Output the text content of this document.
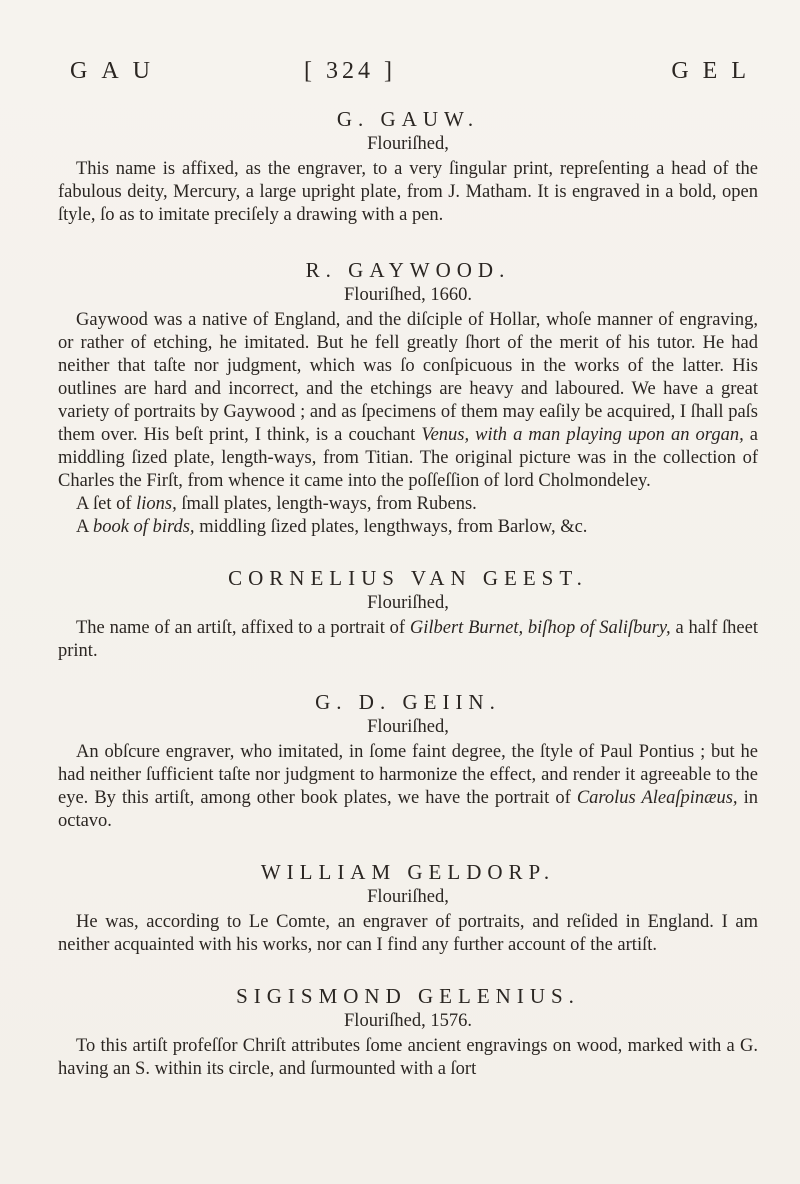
GAU	[ 324 ]	GEL

G. GAUW.

Flouriſhed,

This name is affixed, as the engraver, to a very ſingular print, repreſenting a head of the fabulous deity, Mercury, a large upright plate, from J. Matham. It is engraved in a bold, open ſtyle, ſo as to imitate preciſely a drawing with a pen.

R. GAYWOOD.

Flouriſhed, 1660.

Gaywood was a native of England, and the diſciple of Hollar, whoſe manner of engraving, or rather of etching, he imitated. But he fell greatly ſhort of the merit of his tutor. He had neither that taſte nor judgment, which was ſo conſpicuous in the works of the latter. His outlines are hard and incorrect, and the etchings are heavy and laboured. We have a great variety of portraits by Gaywood ; and as ſpecimens of them may eaſily be acquired, I ſhall paſs them over. His beſt print, I think, is a couchant Venus, with a man playing upon an organ, a middling ſized plate, length-ways, from Titian. The original picture was in the collection of Charles the Firſt, from whence it came into the poſſeſſion of lord Cholmondeley.

A ſet of lions, ſmall plates, length-ways, from Rubens.

A book of birds, middling ſized plates, lengthways, from Barlow, &c.

CORNELIUS VAN GEEST.

Flouriſhed,

The name of an artiſt, affixed to a portrait of Gilbert Burnet, biſhop of Saliſbury, a half ſheet print.

G. D. GEIIN.

Flouriſhed,

An obſcure engraver, who imitated, in ſome faint degree, the ſtyle of Paul Pontius ; but he had neither ſufficient taſte nor judgment to harmonize the effect, and render it agreeable to the eye. By this artiſt, among other book plates, we have the portrait of Carolus Aleaſpinæus, in octavo.

WILLIAM GELDORP.

Flouriſhed,

He was, according to Le Comte, an engraver of portraits, and reſided in England. I am neither acquainted with his works, nor can I find any further account of the artiſt.

SIGISMOND GELENIUS.

Flouriſhed, 1576.

To this artiſt profeſſor Chriſt attributes ſome ancient engravings on wood, marked with a G. having an S. within its circle, and ſurmounted with a ſort
